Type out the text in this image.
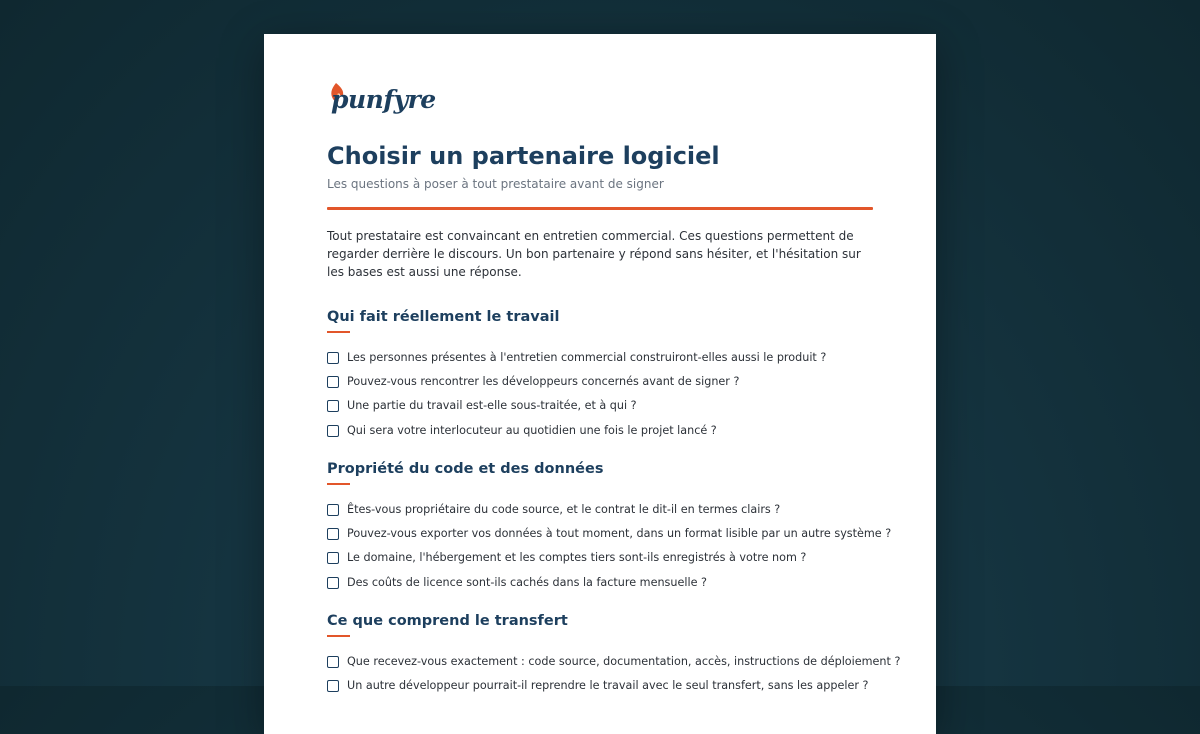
punfyre
Choisir un partenaire logiciel
Les questions à poser à tout prestataire avant de signer

Tout prestataire est convaincant en entretien commercial. Ces questions permettent de regarder derrière le discours. Un bon partenaire y répond sans hésiter, et l'hésitation sur les bases est aussi une réponse.

Qui fait réellement le travail
Les personnes présentes à l'entretien commercial construiront-elles aussi le produit ?
Pouvez-vous rencontrer les développeurs concernés avant de signer ?
Une partie du travail est-elle sous-traitée, et à qui ?
Qui sera votre interlocuteur au quotidien une fois le projet lancé ?
Propriété du code et des données
Êtes-vous propriétaire du code source, et le contrat le dit-il en termes clairs ?
Pouvez-vous exporter vos données à tout moment, dans un format lisible par un autre système ?
Le domaine, l'hébergement et les comptes tiers sont-ils enregistrés à votre nom ?
Des coûts de licence sont-ils cachés dans la facture mensuelle ?
Ce que comprend le transfert
Que recevez-vous exactement : code source, documentation, accès, instructions de déploiement ?
Un autre développeur pourrait-il reprendre le travail avec le seul transfert, sans les appeler ?
